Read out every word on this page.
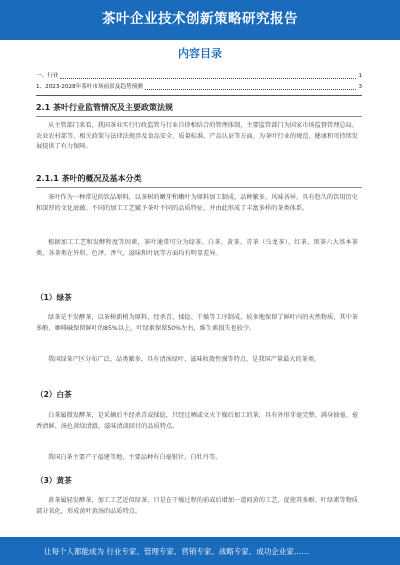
茶叶企业技术创新策略研究报告
内容目录
一、行业	1
1、2023-2028年茶叶市场前景及趋势预测	3
2.1 茶叶行业监管情况及主要政策法规

从主管部门来看，我国茶业实行行政监管与行业自律相结合的管理体制，主要监管部门为国家市场监督管理总局、农业农村部等，相关政策与法律法规涉及食品安全、质量标准、产品认证等方面，为茶叶行业的规范、健康和可持续发展提供了有力保障。

2.1.1 茶叶的概况及基本分类

茶叶作为一种常见的饮品原料，以茶树的嫩芽和嫩叶为原料加工制成，品种繁多，风味各异，具有悠久的饮用历史和深厚的文化底蕴。不同的加工工艺赋予茶叶不同的品质特征，并由此形成了丰富多样的茶类体系。

根据加工工艺和发酵程度等因素，茶叶通常可分为绿茶、白茶、黄茶、青茶（乌龙茶）、红茶、黑茶六大基本茶类，各茶类在外形、色泽、香气、滋味和叶底等方面均有明显差异。

（1）绿茶

绿茶是不发酵茶，以茶树新梢为原料，经杀青、揉捻、干燥等工序制成，较多地保留了鲜叶内的天然物质，其中茶多酚、咖啡碱保留鲜叶的85%以上，叶绿素保留50%左右，维生素损失也较少。

我国绿茶产区分布广泛，品类繁多，具有清汤绿叶、滋味收敛性强等特点，是我国产量最大的茶类。

（2）白茶

白茶属微发酵茶，是采摘后不经杀青或揉捻，只经过晒或文火干燥后加工的茶，具有外形芽毫完整、满身披毫、毫香清鲜、汤色黄绿清澈、滋味清淡回甘的品质特点。

我国白茶主要产于福建等地，主要品种有白毫银针、白牡丹等。

（3）黄茶

黄茶属轻发酵茶，加工工艺近似绿茶，只是在干燥过程的前或后增加一道闷黄的工艺，促使其多酚、叶绿素等物质部分氧化，形成黄叶黄汤的品质特点。

让每个人都能成为 行业专家、管理专家、营销专家、战略专家、成功企业家……
